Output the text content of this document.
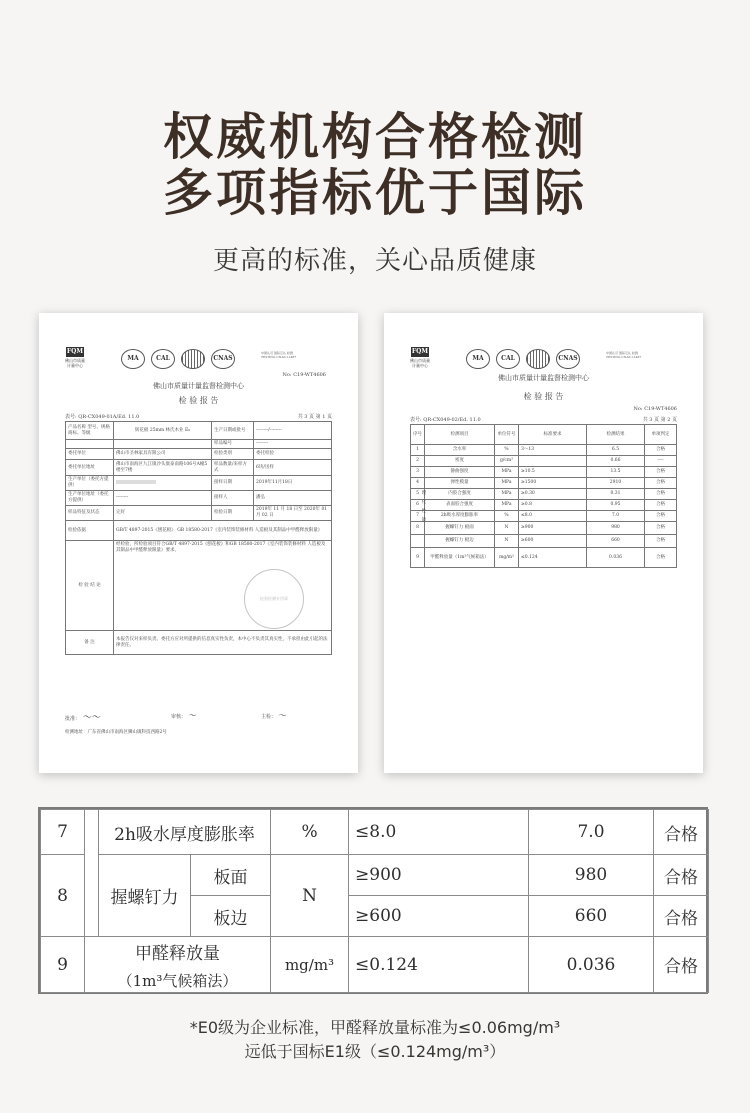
权威机构合格检测
多项指标优于国际
更高的标准，关心品质健康
FQM
佛山市质量计量中心
MA	CAL	CNAS
中国认可 国际互认 检测 TESTING CNAS L1487
No: C19-WT4606
佛山市质量计量监督检测中心
检 验 报 告
表号: QR-CX049-01A/Ed. 11.0	共 3 页 第 1 页
产品名称 型号、规格 商标、等级	韧花板 25mm 林氏木业 E₀	生产日期或批号	--------/--------
		样品编号	--------
委托单位	佛山市圣林家具有限公司	检验类别	委托检验
委托单位地址	佛山市南海区九江镇沙头康泰南路106号A幢5楼至7楼	样品数量/来样方式	6块/送样
生产单位（委托方提供）		接样日期	2019年11月18日
生产单位地址（委托方提供）	--------	接样人	潘弘
样品特征及状态	完好	检验日期	2019年 11 月 18 日至 2020年 01 月 02 日
检验依据	GB/T 4897-2015《刨花板》 GB 18580-2017《室内装饰装修材料 人造板及其制品中甲醛释放限量》		
检 验 结 论	经检验，所检验项目符合GB/T 4897-2015《刨花板》和GB 18580-2017《室内装饰装修材料 人造板及其制品中甲醛释放限量》要求。
检验检测专用章		

备 注	本报告仅对来样负责。委托方应对所提供的信息真实性负责，本中心不负责其真实性，不承担由此引起的法律责任。		
批准： ～～	审核： ～	主检： ～
检测地址：广东省佛山市南海区狮山镇科技西路2号
FQM
佛山市质量计量中心
MA	CAL	CNAS
中国认可 国际互认 检测 TESTING CNAS L1487
佛山市质量计量监督检测中心
检 验 报 告
No: C19-WT4606
表号: QR-CX049-02/Ed. 11.0	共 3 页 第 2 页
序号	检测项目	单位符号	标准要求	检测结果	单项判定
1	含水率	%	3～13	6.5	合格
2	密度	g/cm³		0.66	----
3	静曲强度	MPa	≥10.5	13.5	合格
4	弹性模量	MPa	≥1500	2910	合格
5	内胶合强度	MPa	≥0.30	0.31	合格
6	表面胶合强度	MPa	≥0.8	0.95	合格
7	2h吸水厚度膨胀率	%	≤8.0	7.0	合格
8	握螺钉力 板面	N	≥900	980	合格
	握螺钉力 板边	N	≥600	660	合格
9	甲醛释放量（1m³气候箱法）	mg/m³	≤0.124	0.036	合格
理化性能
7		2h吸水厚度膨胀率		%	≤8.0	7.0	合格
8		握螺钉力	板面	N	≥900	980	合格
			板边		≥600	660	合格
9	甲醛释放量
（1m³气候箱法）			mg/m³	≤0.124	0.036	合格
*E0级为企业标准，甲醛释放量标准为≤0.06mg/m³
远低于国标E1级（≤0.124mg/m³）
